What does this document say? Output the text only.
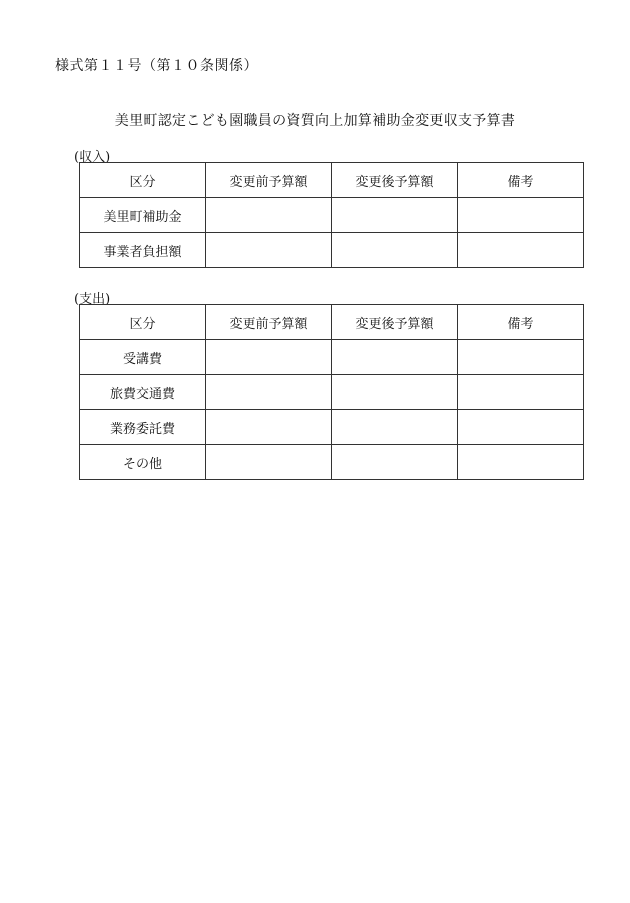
様式第１１号（第１０条関係）
美里町認定こども園職員の資質向上加算補助金変更収支予算書
(収入)
区分	変更前予算額	変更後予算額	備考
美里町補助金			
事業者負担額			
(支出)
区分	変更前予算額	変更後予算額	備考
受講費			
旅費交通費			
業務委託費			
その他			
